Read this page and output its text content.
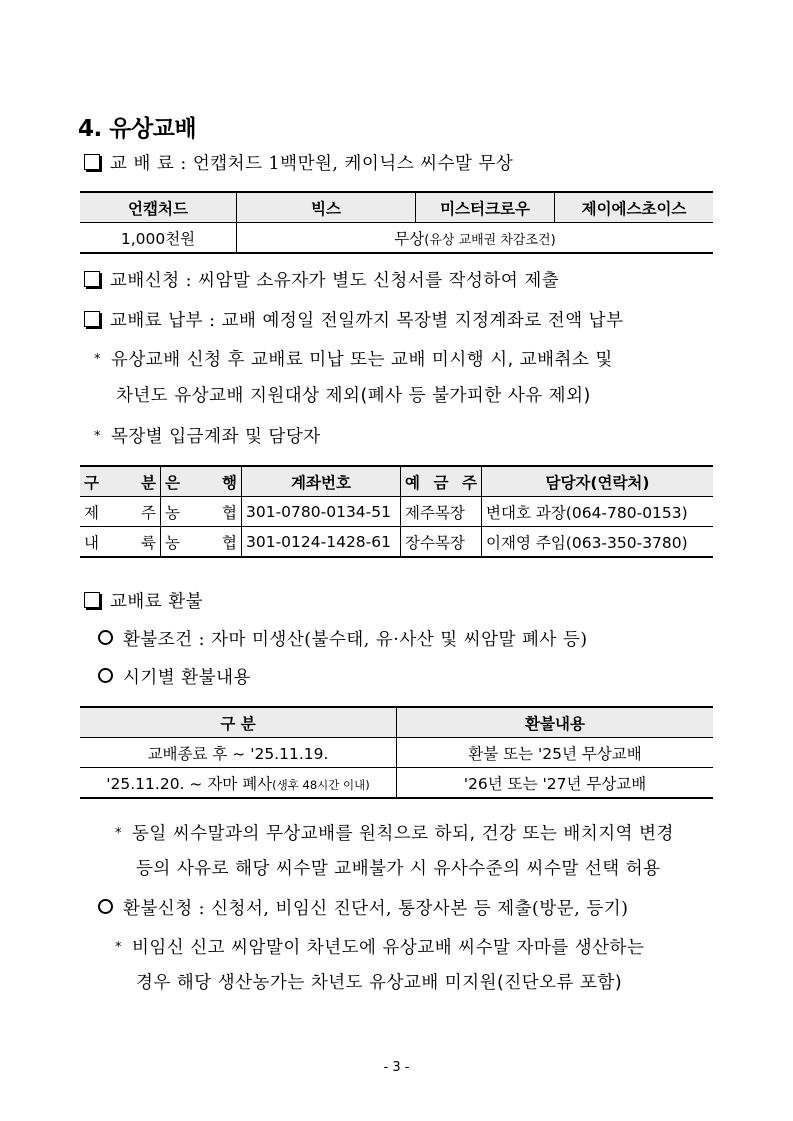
4. 유상교배
교 배 료 : 언캡처드 1백만원, 케이닉스 씨수말 무상
언캡처드	빅스	미스터크로우	제이에스초이스
1,000천원	무상(유상 교배권 차감조건)		
교배신청 : 씨암말 소유자가 별도 신청서를 작성하여 제출
교배료 납부 : 교배 예정일 전일까지 목장별 지정계좌로 전액 납부
* 유상교배 신청 후 교배료 미납 또는 교배 미시행 시, 교배취소 및
차년도 유상교배 지원대상 제외(폐사 등 불가피한 사유 제외)
* 목장별 입금계좌 및 담당자
구 분	은 행	계좌번호	예 금 주	담당자(연락처)
제 주	농 협	301-0780-0134-51	제주목장	변대호 과장(064-780-0153)
내 륙	농 협	301-0124-1428-61	장수목장	이재영 주임(063-350-3780)
교배료 환불
환불조건 : 자마 미생산(불수태, 유·사산 및 씨암말 폐사 등)
시기별 환불내용
구 분	환불내용
교배종료 후 ~ '25.11.19.	환불 또는 '25년 무상교배
'25.11.20. ~ 자마 폐사(생후 48시간 이내)	'26년 또는 '27년 무상교배
* 동일 씨수말과의 무상교배를 원칙으로 하되, 건강 또는 배치지역 변경
등의 사유로 해당 씨수말 교배불가 시 유사수준의 씨수말 선택 허용
환불신청 : 신청서, 비임신 진단서, 통장사본 등 제출(방문, 등기)
* 비임신 신고 씨암말이 차년도에 유상교배 씨수말 자마를 생산하는
경우 해당 생산농가는 차년도 유상교배 미지원(진단오류 포함)
- 3 -
